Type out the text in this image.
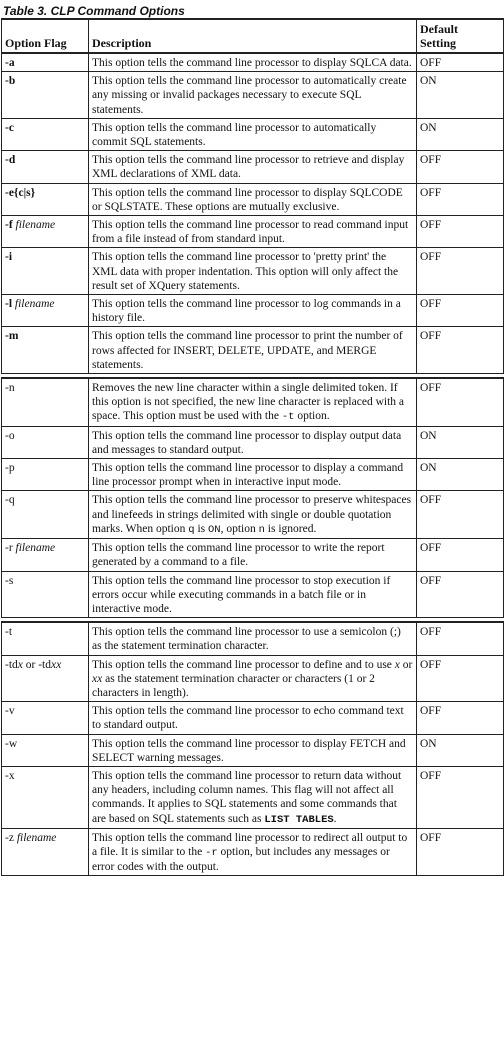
Table 3. CLP Command Options
Option Flag	Description	Default
Setting
-a	This option tells the command line processor to display SQLCA data.	OFF
-b	This option tells the command line processor to automatically create any missing or invalid packages necessary to execute SQL statements.	ON
-c	This option tells the command line processor to automatically commit SQL statements.	ON
-d	This option tells the command line processor to retrieve and display XML declarations of XML data.	OFF
-e{c|s}	This option tells the command line processor to display SQLCODE or SQLSTATE. These options are mutually exclusive.	OFF
-f filename	This option tells the command line processor to read command input from a file instead of from standard input.	OFF
-i	This option tells the command line processor to 'pretty print' the XML data with proper indentation. This option will only affect the result set of XQuery statements.	OFF
-l filename	This option tells the command line processor to log commands in a history file.	OFF
-m	This option tells the command line processor to print the number of rows affected for INSERT, DELETE, UPDATE, and MERGE statements.	OFF
-n	Removes the new line character within a single delimited token. If this option is not specified, the new line character is replaced with a space. This option must be used with the -t option.	OFF
-o	This option tells the command line processor to display output data and messages to standard output.	ON
-p	This option tells the command line processor to display a command line processor prompt when in interactive input mode.	ON
-q	This option tells the command line processor to preserve whitespaces and linefeeds in strings delimited with single or double quotation marks. When option q is ON, option n is ignored.	OFF
-r filename	This option tells the command line processor to write the report generated by a command to a file.	OFF
-s	This option tells the command line processor to stop execution if errors occur while executing commands in a batch file or in interactive mode.	OFF
-t	This option tells the command line processor to use a semicolon (;) as the statement termination character.	OFF
-tdx or -tdxx	This option tells the command line processor to define and to use x or xx as the statement termination character or characters (1 or 2 characters in length).	OFF
-v	This option tells the command line processor to echo command text to standard output.	OFF
-w	This option tells the command line processor to display FETCH and SELECT warning messages.	ON
-x	This option tells the command line processor to return data without any headers, including column names. This flag will not affect all commands. It applies to SQL statements and some commands that are based on SQL statements such as LIST TABLES.	OFF
-z filename	This option tells the command line processor to redirect all output to a file. It is similar to the -r option, but includes any messages or error codes with the output.	OFF
